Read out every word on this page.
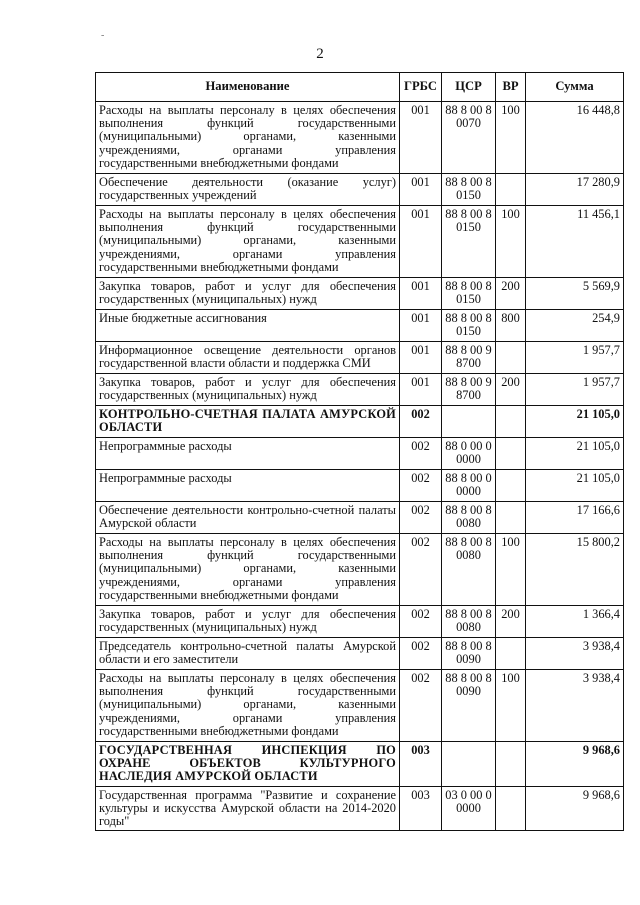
-
2
Наименование	ГРБС	ЦСР	ВР	Сумма
Расходы на выплаты персоналу в целях обеспечения выполнения функций государственными (муниципальными) органами, казенными учреждениями, органами управления государственными внебюджетными фондами	001	88 8 00 80070	100	16 448,8
Обеспечение деятельности (оказание услуг) государственных учреждений	001	88 8 00 80150		17 280,9
Расходы на выплаты персоналу в целях обеспечения выполнения функций государственными (муниципальными) органами, казенными учреждениями, органами управления государственными внебюджетными фондами	001	88 8 00 80150	100	11 456,1
Закупка товаров, работ и услуг для обеспечения государственных (муниципальных) нужд	001	88 8 00 80150	200	5 569,9
Иные бюджетные ассигнования	001	88 8 00 80150	800	254,9
Информационное освещение деятельности органов государственной власти области и поддержка СМИ	001	88 8 00 98700		1 957,7
Закупка товаров, работ и услуг для обеспечения государственных (муниципальных) нужд	001	88 8 00 98700	200	1 957,7
КОНТРОЛЬНО-СЧЕТНАЯ ПАЛАТА АМУРСКОЙ ОБЛАСТИ	002			21 105,0
Непрограммные расходы	002	88 0 00 00000		21 105,0
Непрограммные расходы	002	88 8 00 00000		21 105,0
Обеспечение деятельности контрольно-счетной палаты Амурской области	002	88 8 00 80080		17 166,6
Расходы на выплаты персоналу в целях обеспечения выполнения функций государственными (муниципальными) органами, казенными учреждениями, органами управления государственными внебюджетными фондами	002	88 8 00 80080	100	15 800,2
Закупка товаров, работ и услуг для обеспечения государственных (муниципальных) нужд	002	88 8 00 80080	200	1 366,4
Председатель контрольно-счетной палаты Амурской области и его заместители	002	88 8 00 80090		3 938,4
Расходы на выплаты персоналу в целях обеспечения выполнения функций государственными (муниципальными) органами, казенными учреждениями, органами управления государственными внебюджетными фондами	002	88 8 00 80090	100	3 938,4
ГОСУДАРСТВЕННАЯ ИНСПЕКЦИЯ ПО ОХРАНЕ ОБЪЕКТОВ КУЛЬТУРНОГО НАСЛЕДИЯ АМУРСКОЙ ОБЛАСТИ	003			9 968,6
Государственная программа "Развитие и сохранение культуры и искусства Амурской области на 2014-2020 годы"	003	03 0 00 00000		9 968,6
